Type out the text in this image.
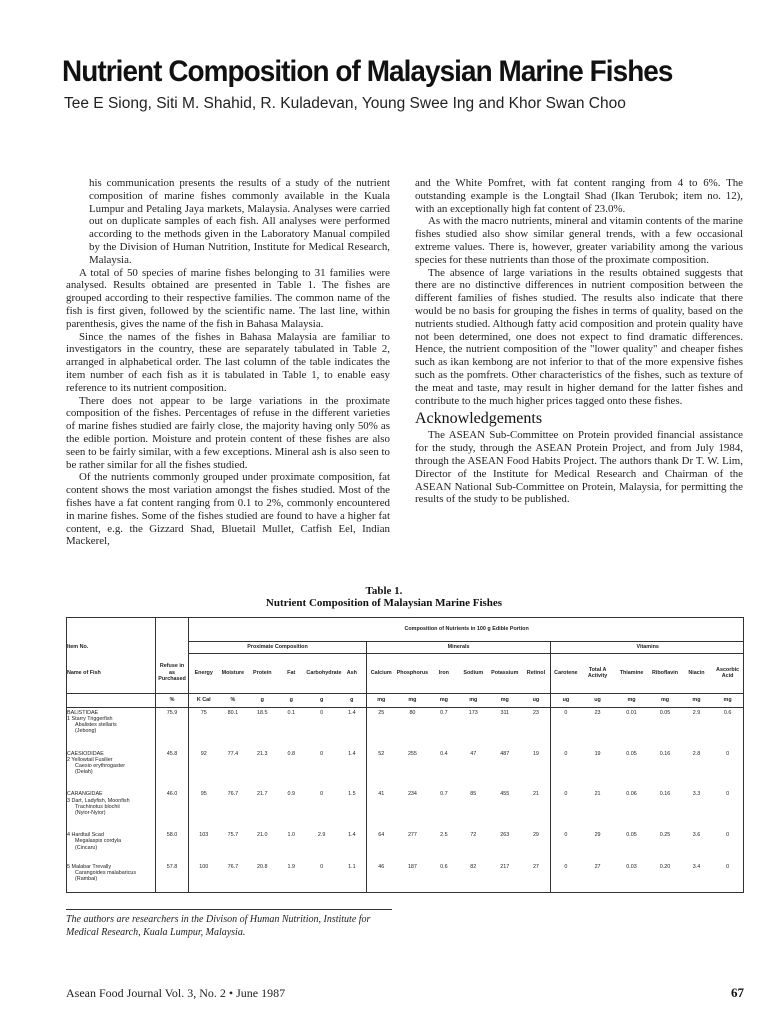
Nutrient Composition of Malaysian Marine Fishes
Tee E Siong, Siti M. Shahid, R. Kuladevan, Young Swee Ing and Khor Swan Choo

his communication presents the results of a study of the nutrient composition of marine fishes commonly available in the Kuala Lumpur and Petaling Jaya markets, Malaysia. Analyses were carried out on duplicate samples of each fish. All analyses were performed according to the methods given in the Laboratory Manual compiled by the Division of Human Nutrition, Institute for Medical Research, Malaysia.

A total of 50 species of marine fishes belonging to 31 families were analysed. Results obtained are presented in Table 1. The fishes are grouped according to their respective families. The common name of the fish is first given, followed by the scientific name. The last line, within parenthesis, gives the name of the fish in Bahasa Malaysia.

Since the names of the fishes in Bahasa Malaysia are familiar to investigators in the country, these are separately tabulated in Table 2, arranged in alphabetical order. The last column of the table indicates the item number of each fish as it is tabulated in Table 1, to enable easy reference to its nutrient composition.

There does not appear to be large variations in the proximate composition of the fishes. Percentages of refuse in the different varieties of marine fishes studied are fairly close, the majority having only 50% as the edible portion. Moisture and protein content of these fishes are also seen to be fairly similar, with a few exceptions. Mineral ash is also seen to be rather similar for all the fishes studied.

Of the nutrients commonly grouped under proximate composition, fat content shows the most variation amongst the fishes studied. Most of the fishes have a fat content ranging from 0.1 to 2%, commonly encountered in marine fishes. Some of the fishes studied are found to have a higher fat content, e.g. the Gizzard Shad, Bluetail Mullet, Catfish Eel, Indian Mackerel,

and the White Pomfret, with fat content ranging from 4 to 6%. The outstanding example is the Longtail Shad (Ikan Terubok; item no. 12), with an exceptionally high fat content of 23.0%.

As with the macro nutrients, mineral and vitamin contents of the marine fishes studied also show similar general trends, with a few occasional extreme values. There is, however, greater variability among the various species for these nutrients than those of the proximate composition.

The absence of large variations in the results obtained suggests that there are no distinctive differences in nutrient composition between the different families of fishes studied. The results also indicate that there would be no basis for grouping the fishes in terms of quality, based on the nutrients studied. Although fatty acid composition and protein quality have not been determined, one does not expect to find dramatic differences. Hence, the nutrient composition of the "lower quality" and cheaper fishes such as ikan kembong are not inferior to that of the more expensive fishes such as the pomfrets. Other characteristics of the fishes, such as texture of the meat and taste, may result in higher demand for the latter fishes and contribute to the much higher prices tagged onto these fishes.

Acknowledgements

The ASEAN Sub-Committee on Protein provided financial assistance for the study, through the ASEAN Protein Project, and from July 1984, through the ASEAN Food Habits Project. The authors thank Dr T. W. Lim, Director of the Institute for Medical Research and Chairman of the ASEAN National Sub-Committee on Protein, Malaysia, for permitting the results of the study to be published.

Table 1.
Nutrient Composition of Malaysian Marine Fishes
		Composition of Nutrients in 100 g Edible Portion																	
Item No.		Proximate Composition						Minerals						Vitamins					
Name of Fish	Refuse in as Purchased	Energy	Moisture	Protein	Fat	Carbohydrate	Ash	Calcium	Phosphorus	Iron	Sodium	Potassium	Retinol	Carotene	Total A Activity	Thiamine	Riboflavin	Niacin	Ascorbic Acid
	%	K Cal	%	g	g	g	g	mg	mg	mg	mg	mg	ug	ug	ug	mg	mg	mg	mg

BALISTIDAE
1 Starry Triggerfish
Abalistes stellaris
(Jebong)	75.9	75	80.1	18.5	0.1	0	1.4	25	80	0.7	173	311	23	0	23	0.01	0.05	2.9	0.6

CAESIODIDAE
2 Yellowtail Fusilier
Caesio erythrogaster
(Delah)	45.8	92	77.4	21.3	0.8	0	1.4	52	255	0.4	47	487	19	0	19	0.05	0.16	2.8	0

CARANGIDAE
3 Dart, Ladyfish, Moonfish
Trachinotus blochii
(Nyior-Nyior)	46.0	95	76.7	21.7	0.9	0	1.5	41	234	0.7	85	455	21	0	21	0.06	0.16	3.3	0

4 Hardtail Scad
Megalaspis cordyla
(Cincaru)	58.0	103	75.7	21.0	1.0	2.9	1.4	64	277	2.5	72	263	29	0	29	0.05	0.25	3.6	0

5 Malabar Trevally
Carangoides malabaricus
(Rambai)	57.8	100	76.7	20.8	1.9	0	1.1	46	187	0.6	82	217	27	0	27	0.03	0.20	3.4	0
The authors are researchers in the Divison of Human Nutrition, Institute for Medical Research, Kuala Lumpur, Malaysia.
Asean Food Journal Vol. 3, No. 2 • June 1987	67
